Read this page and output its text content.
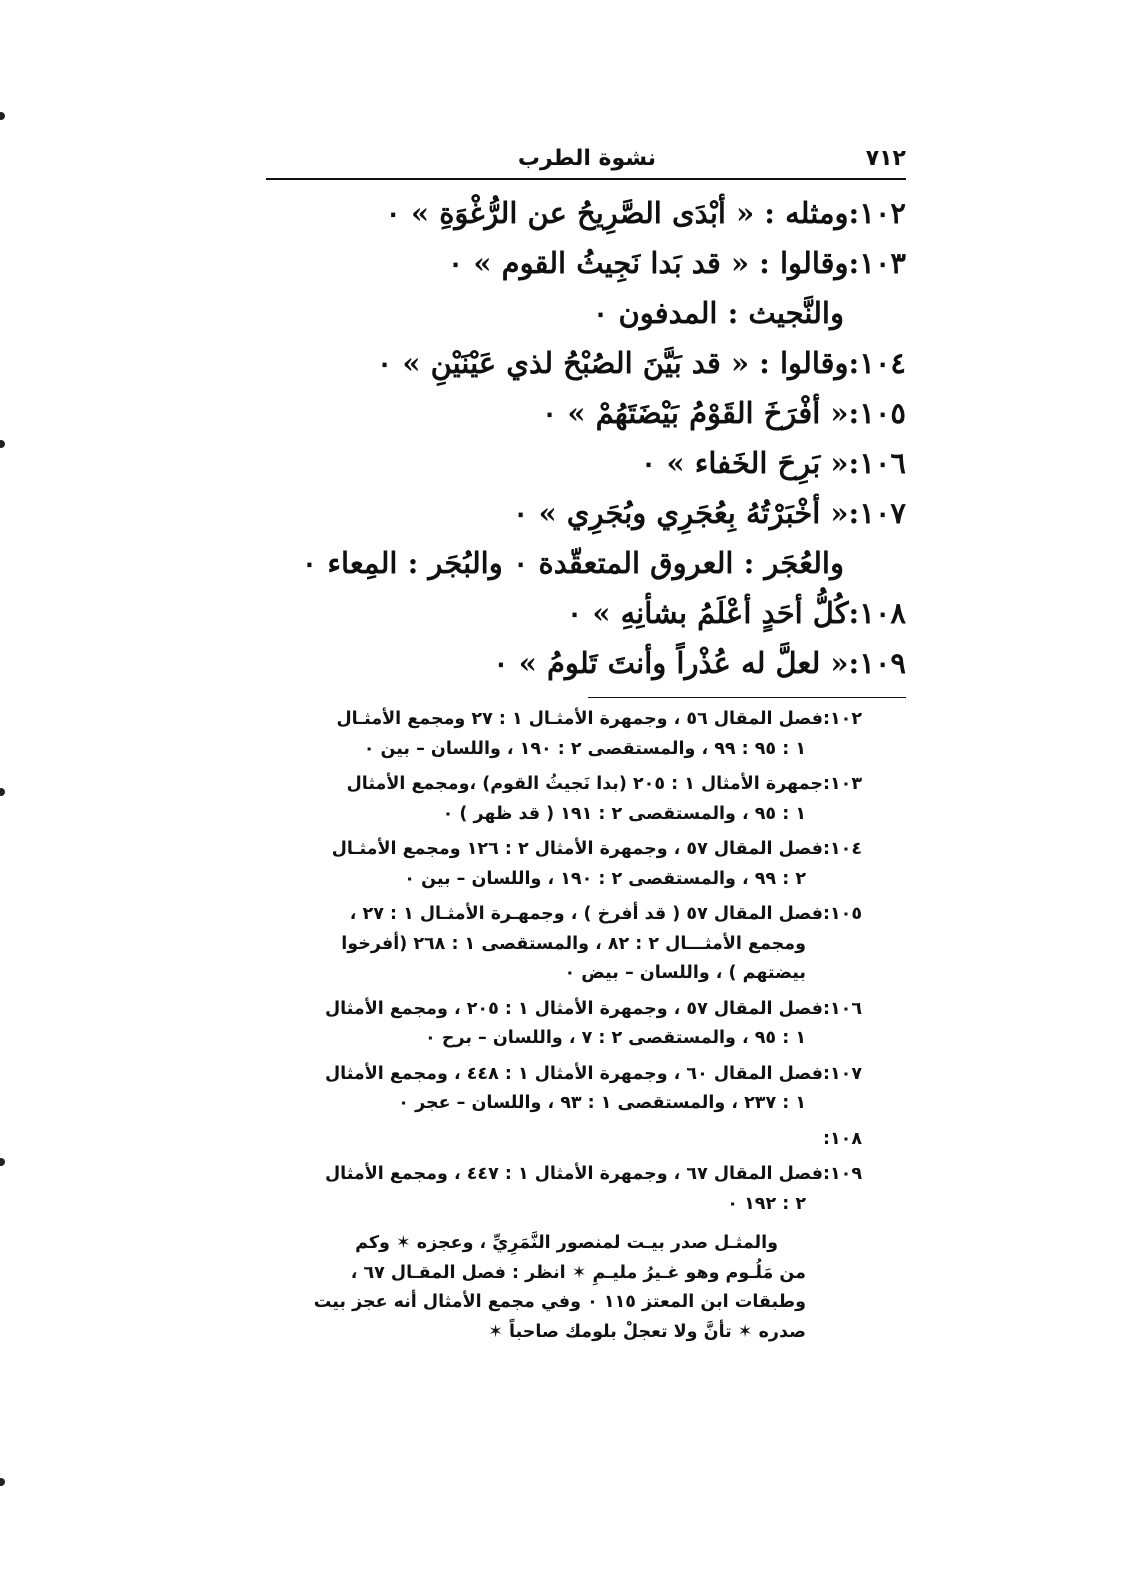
٧١٢
نشوة الطرب
١٠٢:ومثله : « أبْدَى الصَّرِيحُ عن الرُّغْوَةِ » ٠
١٠٣:وقالوا : « قد بَدا نَجِيثُ القوم » ٠
والنَّجيث : المدفون ٠
١٠٤:وقالوا : « قد بَيَّنَ الصُبْحُ لذي عَيْنَيْنِ » ٠
١٠٥:« أفْرَخَ القَوْمُ بَيْضَتَهُمْ » ٠
١٠٦:« بَرِحَ الخَفاء » ٠
١٠٧:« أخْبَرْتُهُ بِعُجَرِي وبُجَرِي » ٠
والعُجَر : العروق المتعقّدة ٠ والبُجَر : المِعاء ٠
١٠٨:كُلُّ أحَدٍ أعْلَمُ بشأنِهِ » ٠
١٠٩:« لعلَّ له عُذْراً وأنتَ تَلومُ » ٠
١٠٢:فصل المقال ٥٦ ، وجمهرة الأمثـال ١ : ٢٧ ومجمع الأمثـال
١ : ٩٥ : ٩٩ ، والمستقصى ٢ : ١٩٠ ، واللسان – بين ٠
١٠٣:جمهرة الأمثال ١ : ٢٠٥ (بدا نَجيثُ القوم) ،ومجمع الأمثال
١ : ٩٥ ، والمستقصى ٢ : ١٩١ ( قد ظهر ) ٠
١٠٤:فصل المقال ٥٧ ، وجمهرة الأمثال ٢ : ١٢٦ ومجمع الأمثـال
٢ : ٩٩ ، والمستقصى ٢ : ١٩٠ ، واللسان – بين ٠
١٠٥:فصل المقال ٥٧ ( قد أفرخ ) ، وجمهـرة الأمثـال ١ : ٢٧ ،
ومجمع الأمثـــال ٢ : ٨٢ ، والمستقصى ١ : ٢٦٨ (أفرخوا
بيضتهم ) ، واللسان – بيض ٠
١٠٦:فصل المقال ٥٧ ، وجمهرة الأمثال ١ : ٢٠٥ ، ومجمع الأمثال
١ : ٩٥ ، والمستقصى ٢ : ٧ ، واللسان – برح ٠
١٠٧:فصل المقال ٦٠ ، وجمهرة الأمثال ١ : ٤٤٨ ، ومجمع الأمثال
١ : ٢٣٧ ، والمستقصى ١ : ٩٣ ، واللسان – عجر ٠
١٠٨:
١٠٩:فصل المقال ٦٧ ، وجمهرة الأمثال ١ : ٤٤٧ ، ومجمع الأمثال
٢ : ١٩٢ ٠
والمثـل صدر بيـت لمنصور النَّمَرِيِّ ، وعجزه ✶ وكم
من مَلُـوم وهو غـيرُ مليـمِ ✶ انظر : فصل المقـال ٦٧ ،
وطبقات ابن المعتز ١١٥ ٠ وفي مجمع الأمثال أنه عجز بيت
صدره ✶ تأنَّ ولا تعجلْ بلومك صاحباً ✶
